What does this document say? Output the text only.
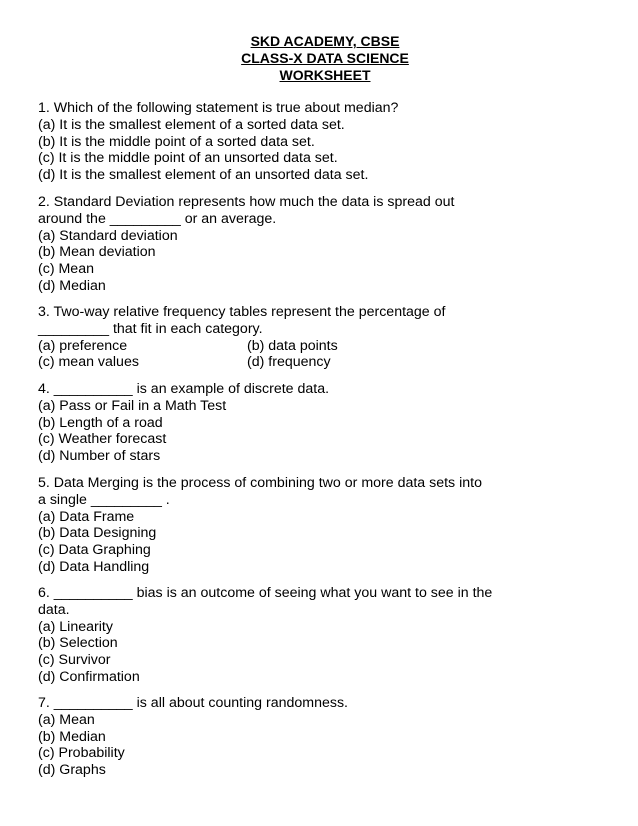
SKD ACADEMY, CBSE
CLASS-X DATA SCIENCE
WORKSHEET

1. Which of the following statement is true about median?

(a) It is the smallest element of a sorted data set.

(b) It is the middle point of a sorted data set.

(c) It is the middle point of an unsorted data set.

(d) It is the smallest element of an unsorted data set.

2. Standard Deviation represents how much the data is spread out

around the _________ or an average.

(a) Standard deviation

(b) Mean deviation

(c) Mean

(d) Median

3. Two-way relative frequency tables represent the percentage of

_________ that fit in each category.

(a) preference	(b) data points
(c) mean values	(d) frequency

4. __________ is an example of discrete data.

(a) Pass or Fail in a Math Test

(b) Length of a road

(c) Weather forecast

(d) Number of stars

5. Data Merging is the process of combining two or more data sets into

a single _________ .

(a) Data Frame

(b) Data Designing

(c) Data Graphing

(d) Data Handling

6. __________ bias is an outcome of seeing what you want to see in the

data.

(a) Linearity

(b) Selection

(c) Survivor

(d) Confirmation

7. __________ is all about counting randomness.

(a) Mean

(b) Median

(c) Probability

(d) Graphs
